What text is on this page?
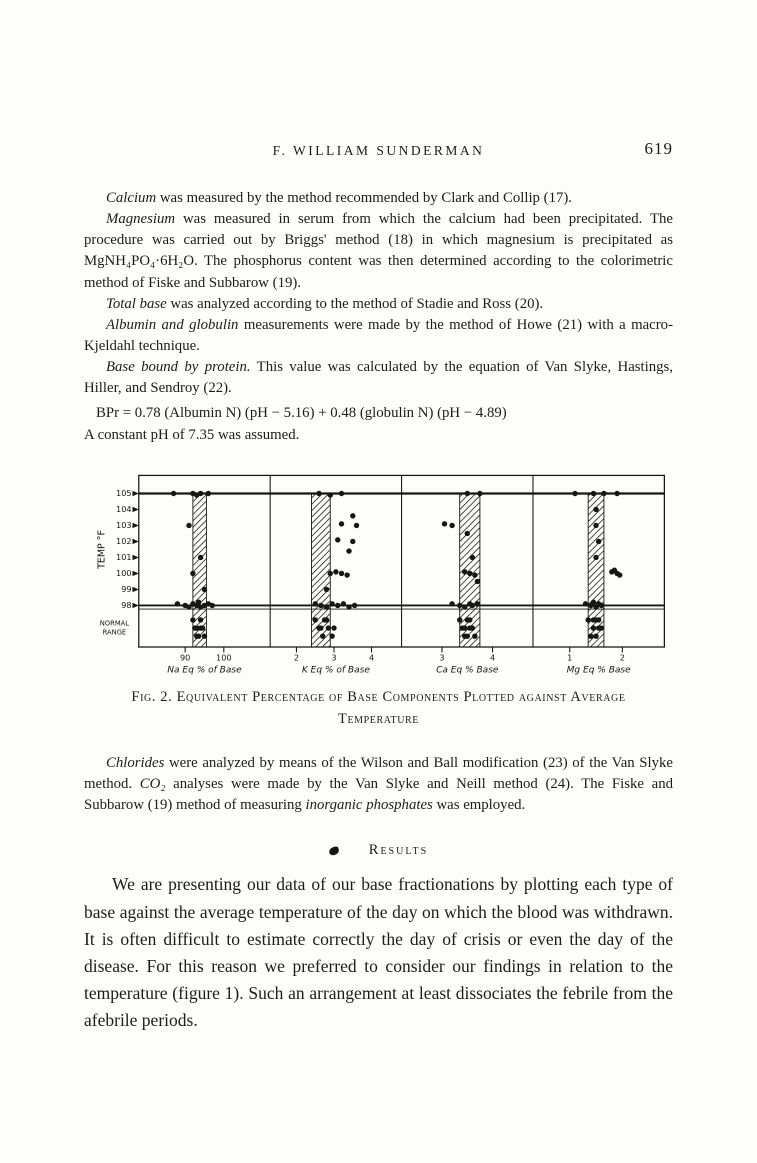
F. WILLIAM SUNDERMAN	619

Calcium was measured by the method recommended by Clark and Collip (17).

Magnesium was measured in serum from which the calcium had been precipitated. The procedure was carried out by Briggs' method (18) in which magnesium is precipitated as MgNH₄PO₄·6H₂O. The phosphorus content was then determined according to the colorimetric method of Fiske and Subbarow (19).

Total base was analyzed according to the method of Stadie and Ross (20).

Albumin and globulin measurements were made by the method of Howe (21) with a macro-Kjeldahl technique.

Base bound by protein. This value was calculated by the equation of Van Slyke, Hastings, Hiller, and Sendroy (22).

BPr = 0.78 (Albumin N) (pH − 5.16) + 0.48 (globulin N) (pH − 4.89)
A constant pH of 7.35 was assumed.
105
104
103
102
101
100
99
98
TEMP °F
NORMAL
RANGE
90	100
Na Eq % of Base
2	3	4
K Eq % of Base
3	4
Ca Eq % Base
1	2
Mg Eq % Base
Fig. 2. Equivalent Percentage of Base Components Plotted against Average Temperature

Chlorides were analyzed by means of the Wilson and Ball modification (23) of the Van Slyke method. CO₂ analyses were made by the Van Slyke and Neill method (24). The Fiske and Subbarow (19) method of measuring inorganic phosphates was employed.

Results

We are presenting our data of our base fractionations by plotting each type of base against the average temperature of the day on which the blood was withdrawn. It is often difficult to estimate correctly the day of crisis or even the day of the disease. For this reason we preferred to consider our findings in relation to the temperature (figure 1). Such an arrangement at least dissociates the febrile from the afebrile periods.
